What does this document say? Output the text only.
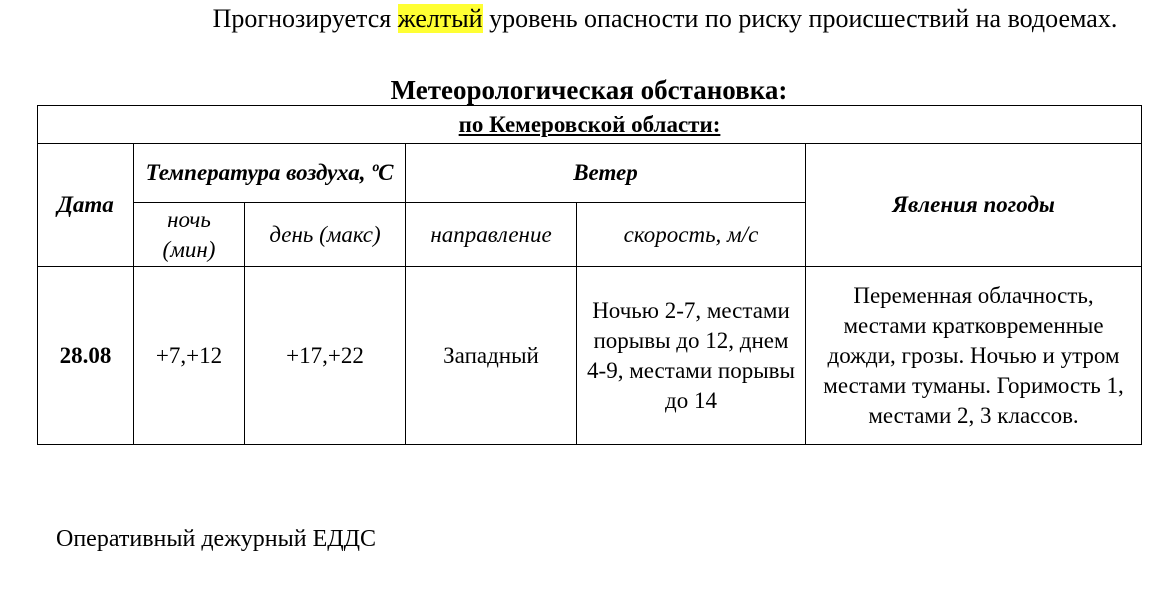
Прогнозируется желтый уровень опасности по риску происшествий на водоемах.
Метеорологическая обстановка:
по Кемеровской области:					
Дата	Температура воздуха, ºС		Ветер		Явления погоды
	ночь (мин)	день (макс)	направление	скорость, м/с	
28.08	+7,+12	+17,+22	Западный	Ночью 2-7, местами порывы до 12, днем 4-9, местами порывы до 14	Переменная облачность, местами кратковременные дожди, грозы. Ночью и утром местами туманы. Горимость 1, местами 2, 3 классов.
Оперативный дежурный ЕДДС
